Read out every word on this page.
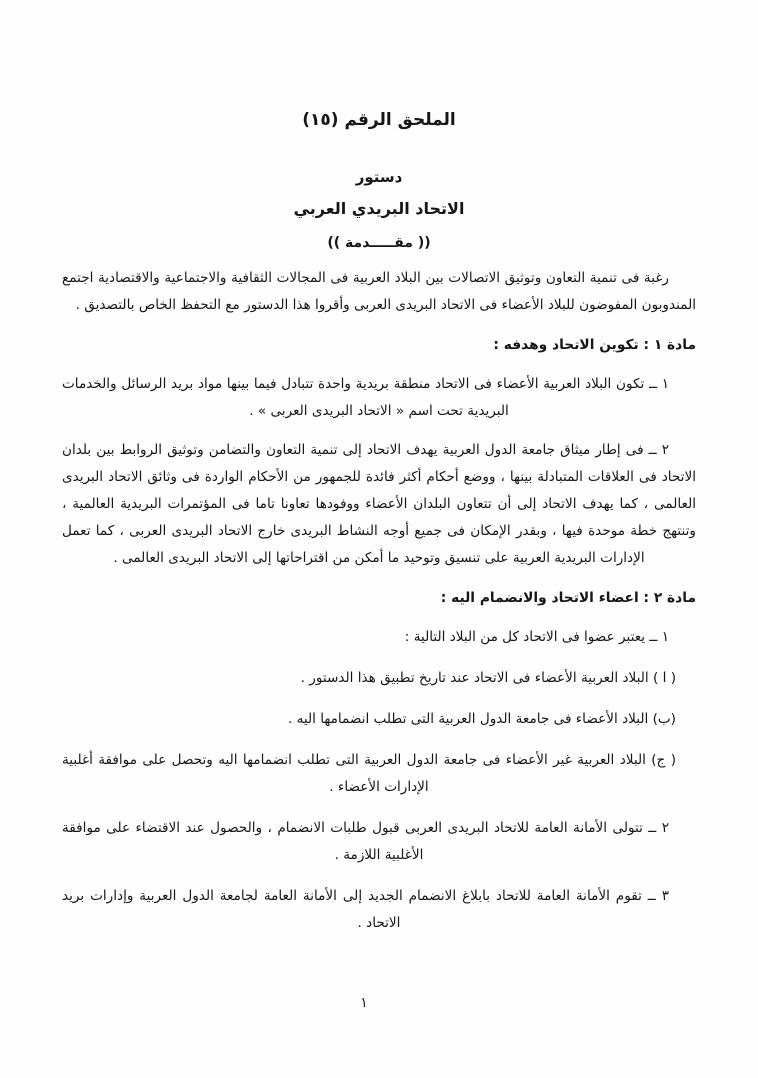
الملحق الرقم (١٥)
دستور
الاتحاد البريدي العربي
(( مقـــــدمة ))

رغبة فى تنمية التعاون وتوثيق الاتصالات بين البلاد العربية فى المجالات الثقافية والاجتماعية والاقتصادية اجتمع المندوبون المفوضون للبلاد الأعضاء فى الاتحاد البريدى العربى وأقروا هذا الدستور مع التحفظ الخاص بالتصديق .

مادة ١ : تكوين الاتحاد وهدفه :

١ ــ تكون البلاد العربية الأعضاء فى الاتحاد منطقة بريدية واحدة تتبادل فيما بينها مواد بريد الرسائل والخدمات البريدية تحت اسم « الاتحاد البريدى العربى » .

٢ ــ فى إطار ميثاق جامعة الدول العربية يهدف الاتحاد إلى تنمية التعاون والتضامن وتوثيق الروابط بين بلدان الاتحاد فى العلاقات المتبادلة بينها ، ووضع أحكام أكثر فائدة للجمهور من الأحكام الواردة فى وثائق الاتحاد البريدى العالمى ، كما يهدف الاتحاد إلى أن تتعاون البلدان الأعضاء ووفودها تعاونا تاما فى المؤتمرات البريدية العالمية ، وتنتهج خطة موحدة فيها ، وبقدر الإمكان فى جميع أوجه النشاط البريدى خارج الاتحاد البريدى العربى ، كما تعمل الإدارات البريدية العربية على تنسيق وتوحيد ما أمكن من اقتراحاتها إلى الاتحاد البريدى العالمى .

مادة ٢ : اعضاء الاتحاد والانضمام اليه :

١ ــ يعتبر عضوا فى الاتحاد كل من البلاد التالية :

( ا ) البلاد العربية الأعضاء فى الاتحاد عند تاريخ تطبيق هذا الدستور .

(ب) البلاد الأعضاء فى جامعة الدول العربية التى تطلب انضمامها اليه .

( ج) البلاد العربية غير الأعضاء فى جامعة الدول العربية التى تطلب انضمامها اليه وتحصل على موافقة أغلبية الإدارات الأعضاء .

٢ ــ تتولى الأمانة العامة للاتحاد البريدى العربى قبول طلبات الانضمام ، والحصول عند الاقتضاء على موافقة الأغلبية اللازمة .

٣ ــ تقوم الأمانة العامة للاتحاد بابلاغ الانضمام الجديد إلى الأمانة العامة لجامعة الدول العربية وإدارات بريد الاتحاد .

١
